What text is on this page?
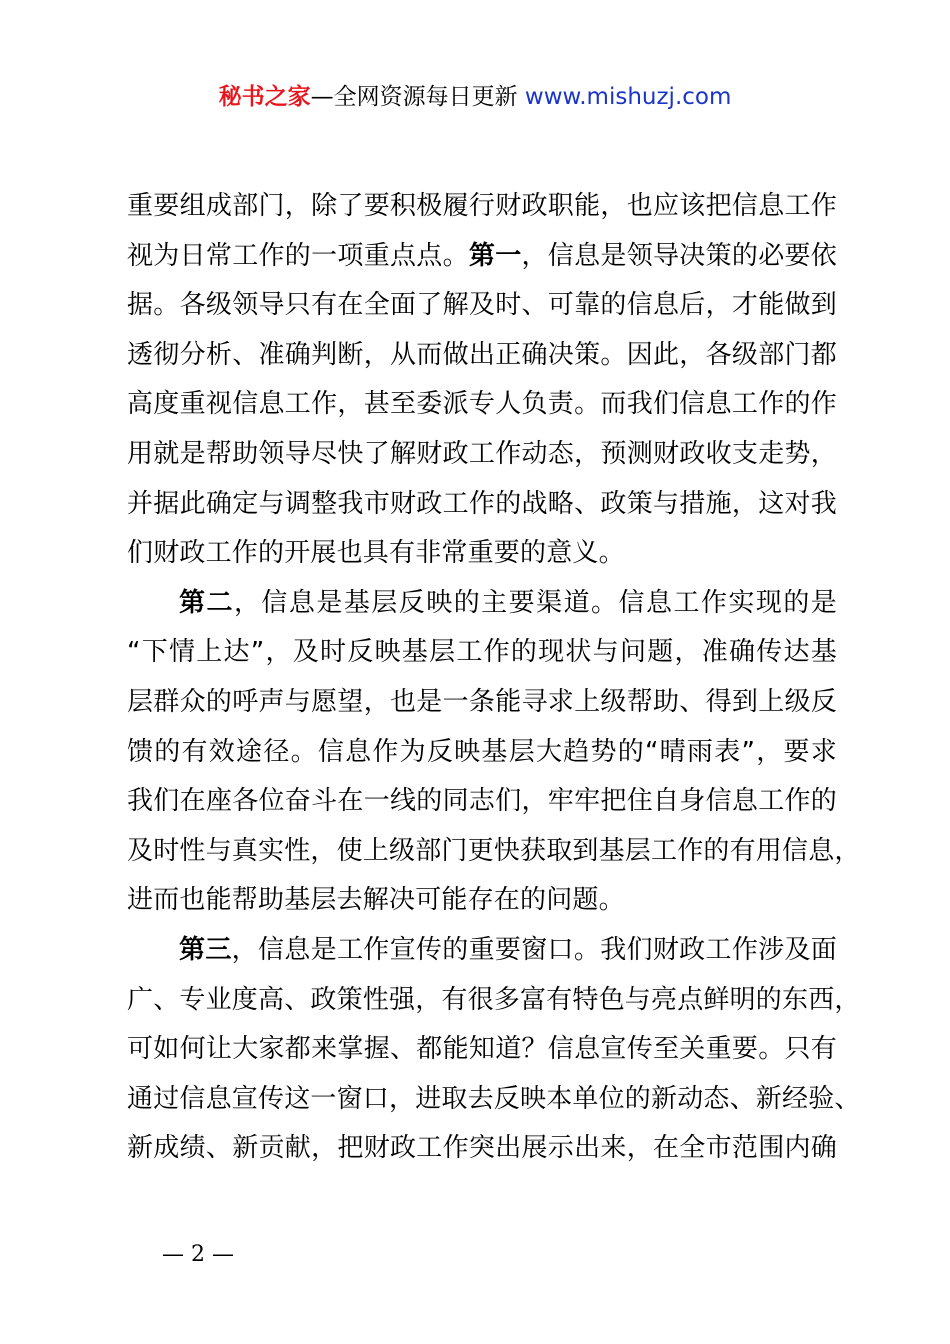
秘书之家—全网资源每日更新 www.mishuzj.com
重要组成部门，除了要积极履行财政职能，也应该把信息工作
视为日常工作的一项重点点。第一，信息是领导决策的必要依
据。各级领导只有在全面了解及时、可靠的信息后，才能做到
透彻分析、准确判断，从而做出正确决策。因此，各级部门都
高度重视信息工作，甚至委派专人负责。而我们信息工作的作
用就是帮助领导尽快了解财政工作动态，预测财政收支走势，
并据此确定与调整我市财政工作的战略、政策与措施，这对我
们财政工作的开展也具有非常重要的意义。
第二，信息是基层反映的主要渠道。信息工作实现的是
“下情上达”，及时反映基层工作的现状与问题，准确传达基
层群众的呼声与愿望，也是一条能寻求上级帮助、得到上级反
馈的有效途径。信息作为反映基层大趋势的“晴雨表”，要求
我们在座各位奋斗在一线的同志们，牢牢把住自身信息工作的
及时性与真实性，使上级部门更快获取到基层工作的有用信息，
进而也能帮助基层去解决可能存在的问题。
第三，信息是工作宣传的重要窗口。我们财政工作涉及面
广、专业度高、政策性强，有很多富有特色与亮点鲜明的东西，
可如何让大家都来掌握、都能知道？信息宣传至关重要。只有
通过信息宣传这一窗口，进取去反映本单位的新动态、新经验、
新成绩、新贡献，把财政工作突出展示出来，在全市范围内确
— 2 —
